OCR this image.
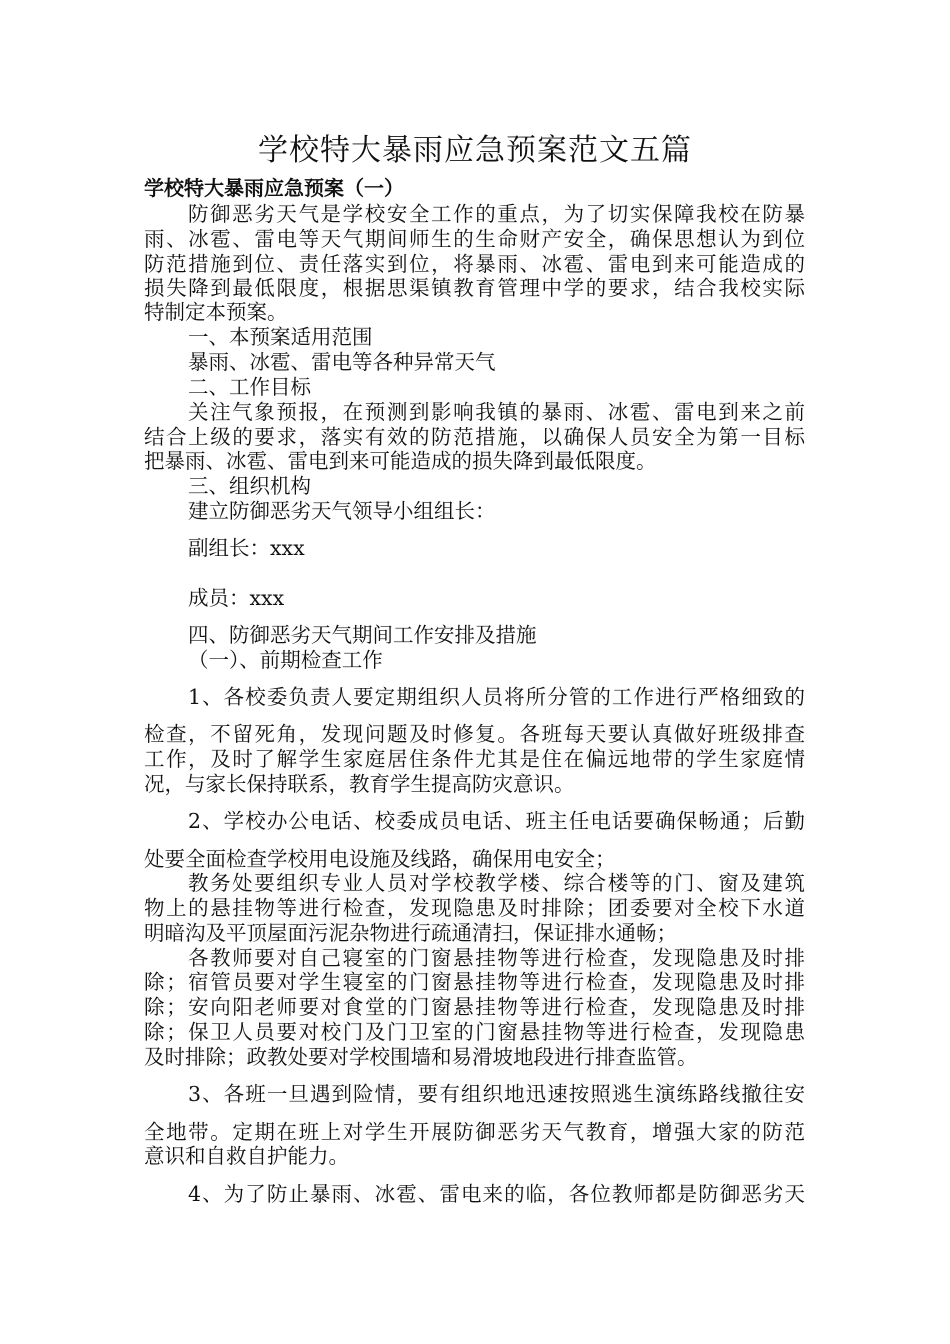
学校特大暴雨应急预案范文五篇
学校特大暴雨应急预案（一）
防御恶劣天气是学校安全工作的重点，为了切实保障我校在防暴
雨、冰雹、雷电等天气期间师生的生命财产安全，确保思想认为到位
防范措施到位、责任落实到位，将暴雨、冰雹、雷电到来可能造成的
损失降到最低限度，根据思渠镇教育管理中学的要求，结合我校实际
特制定本预案。
一、本预案适用范围
暴雨、冰雹、雷电等各种异常天气
二、工作目标
关注气象预报，在预测到影响我镇的暴雨、冰雹、雷电到来之前
结合上级的要求，落实有效的防范措施，以确保人员安全为第一目标
把暴雨、冰雹、雷电到来可能造成的损失降到最低限度。
三、组织机构
建立防御恶劣天气领导小组组长：
副组长：xxx
成员：xxx
四、防御恶劣天气期间工作安排及措施
（一）、前期检查工作
1、各校委负责人要定期组织人员将所分管的工作进行严格细致的
检查，不留死角，发现问题及时修复。各班每天要认真做好班级排查
工作，及时了解学生家庭居住条件尤其是住在偏远地带的学生家庭情
况，与家长保持联系，教育学生提高防灾意识。
2、学校办公电话、校委成员电话、班主任电话要确保畅通；后勤
处要全面检查学校用电设施及线路，确保用电安全；
教务处要组织专业人员对学校教学楼、综合楼等的门、窗及建筑
物上的悬挂物等进行检查，发现隐患及时排除；团委要对全校下水道
明暗沟及平顶屋面污泥杂物进行疏通清扫，保证排水通畅；
各教师要对自己寝室的门窗悬挂物等进行检查，发现隐患及时排
除；宿管员要对学生寝室的门窗悬挂物等进行检查，发现隐患及时排
除；安向阳老师要对食堂的门窗悬挂物等进行检查，发现隐患及时排
除；保卫人员要对校门及门卫室的门窗悬挂物等进行检查，发现隐患
及时排除；政教处要对学校围墙和易滑坡地段进行排查监管。
3、各班一旦遇到险情，要有组织地迅速按照逃生演练路线撤往安
全地带。定期在班上对学生开展防御恶劣天气教育，增强大家的防范
意识和自救自护能力。
4、为了防止暴雨、冰雹、雷电来的临，各位教师都是防御恶劣天
